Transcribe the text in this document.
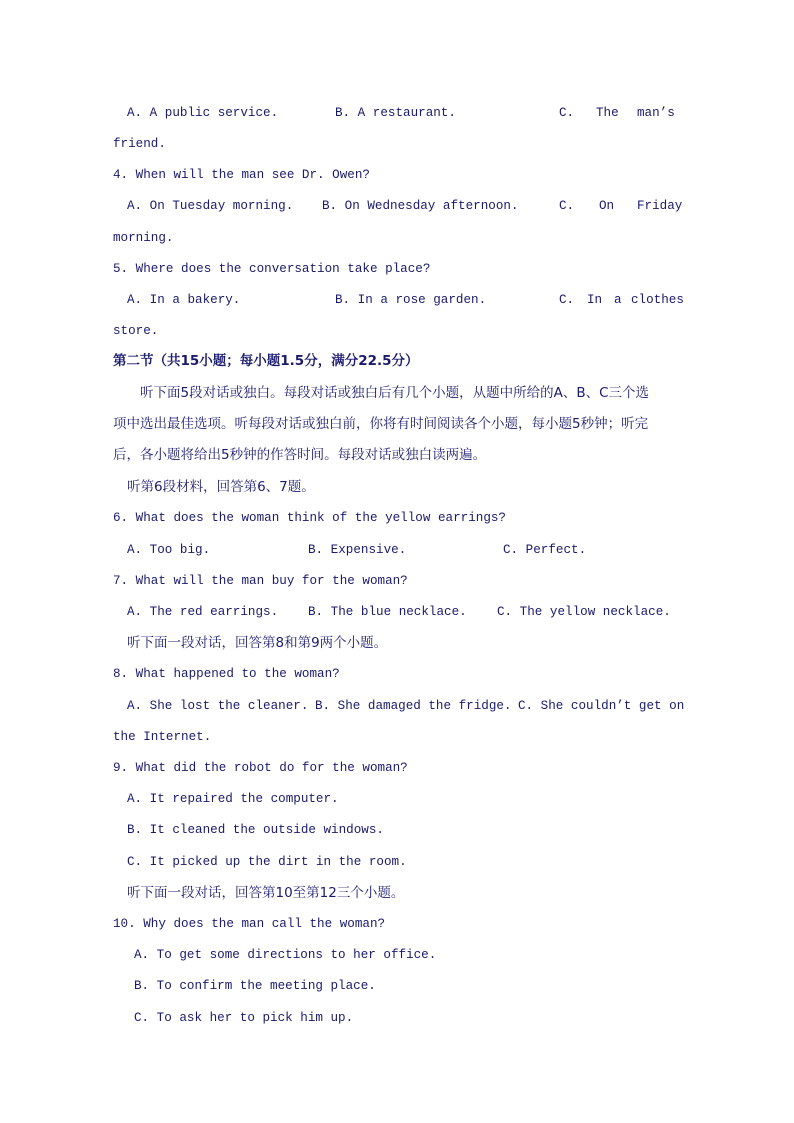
A. A public service.	B. A restaurant.	C. The man’s
friend.
4. When will the man see Dr. Owen?
A. On Tuesday morning. B. On Wednesday afternoon.	C. On Friday
morning.
5. Where does the conversation take place?
A. In a bakery.	B. In a rose garden.	C. In a clothes
store.
第二节（共15小题；每小题1.5分，满分22.5分）
听下面5段对话或独白。每段对话或独白后有几个小题，从题中所给的A、B、C三个选
项中选出最佳选项。听每段对话或独白前，你将有时间阅读各个小题，每小题5秒钟；听完
后，各小题将给出5秒钟的作答时间。每段对话或独白读两遍。
听第6段材料，回答第6、7题。
6. What does the woman think of the yellow earrings?
A. Too big.	B. Expensive.	C. Perfect.
7. What will the man buy for the woman?
A. The red earrings. B. The blue necklace. C. The yellow necklace.
听下面一段对话，回答第8和第9两个小题。
8. What happened to the woman?
A. She lost the cleaner. B. She damaged the fridge. C. She couldn’t get on
the Internet.
9. What did the robot do for the woman?
A. It repaired the computer.
B. It cleaned the outside windows.
C. It picked up the dirt in the room.
听下面一段对话，回答第10至第12三个小题。
10. Why does the man call the woman?
A. To get some directions to her office.
B. To confirm the meeting place.
C. To ask her to pick him up.
